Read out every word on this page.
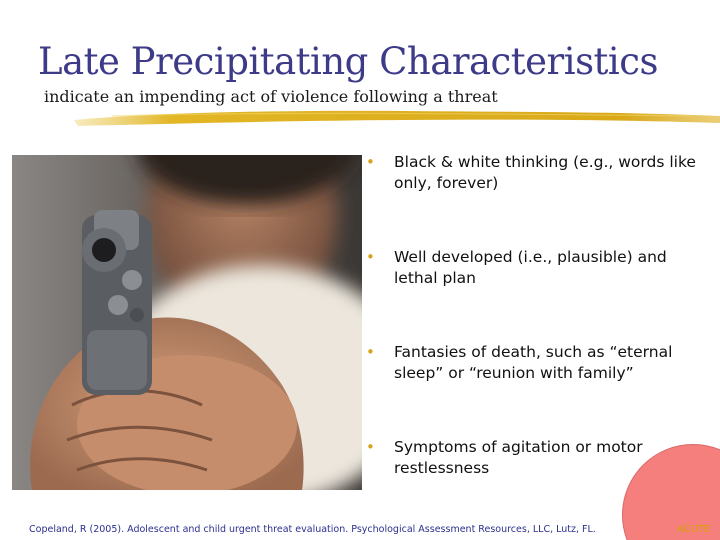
Late Precipitating Characteristics
indicate an impending act of violence following a threat
• Black & white thinking (e.g., words like only, forever)
• Well developed (i.e., plausible) and lethal plan
• Fantasies of death, such as “eternal sleep” or “reunion with family”
• Symptoms of agitation or motor restlessness
Copeland, R (2005). Adolescent and child urgent threat evaluation. Psychological Assessment Resources, LLC, Lutz, FL.	ACUTE
